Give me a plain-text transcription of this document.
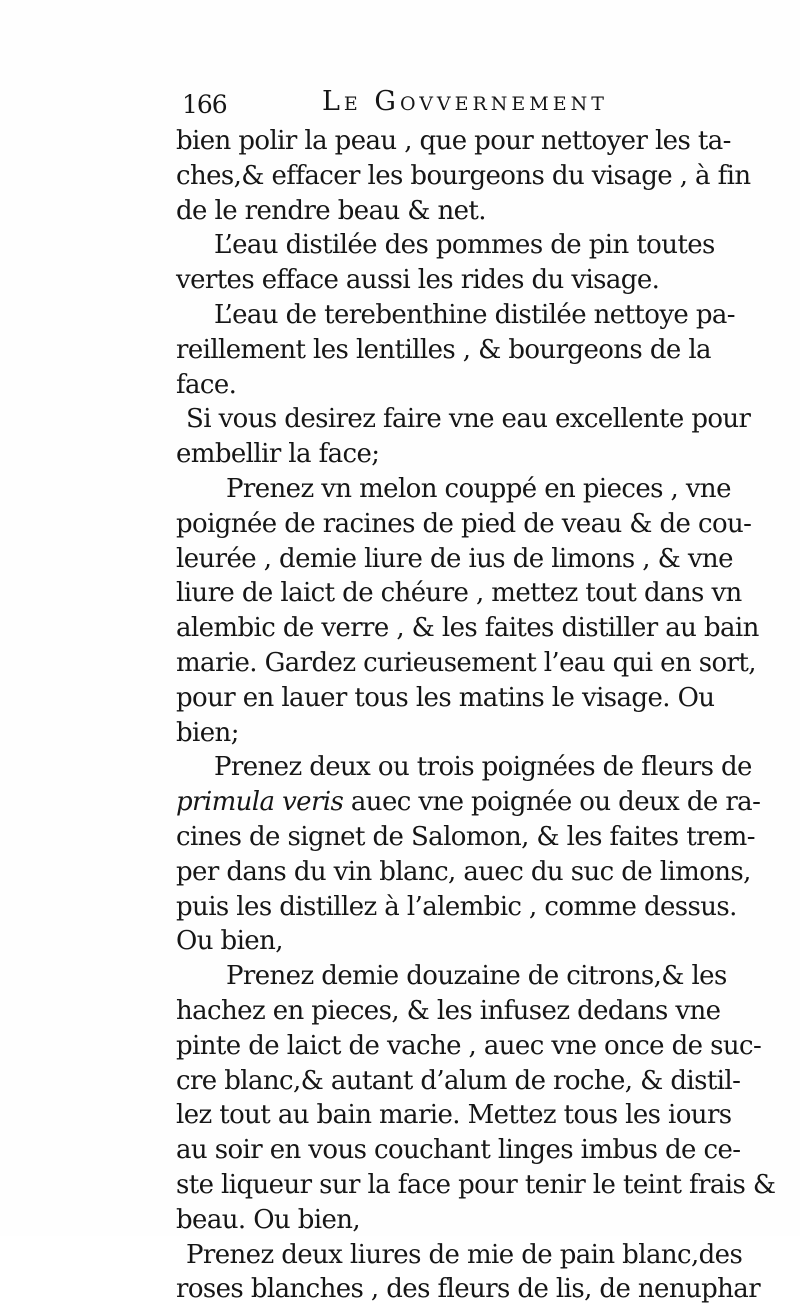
166	Le Govvernement
bien polir la peau , que pour nettoyer les ta-
ches,& effacer les bourgeons du visage , à fin
de le rendre beau & net.
L’eau distilée des pommes de pin toutes
vertes efface aussi les rides du visage.
L’eau de terebenthine distilée nettoye pa-
reillement les lentilles , & bourgeons de la
face.
Si vous desirez faire vne eau excellente pour
embellir la face;
Prenez vn melon couppé en pieces , vne
poignée de racines de pied de veau & de cou-
leurée , demie liure de ius de limons , & vne
liure de laict de chéure , mettez tout dans vn
alembic de verre , & les faites distiller au bain
marie. Gardez curieusement l’eau qui en sort,
pour en lauer tous les matins le visage. Ou
bien;
Prenez deux ou trois poignées de fleurs de
primula veris auec vne poignée ou deux de ra-
cines de signet de Salomon, & les faites trem-
per dans du vin blanc, auec du suc de limons,
puis les distillez à l’alembic , comme dessus.
Ou bien,
Prenez demie douzaine de citrons,& les
hachez en pieces, & les infusez dedans vne
pinte de laict de vache , auec vne once de suc-
cre blanc,& autant d’alum de roche, & distil-
lez tout au bain marie. Mettez tous les iours
au soir en vous couchant linges imbus de ce-
ste liqueur sur la face pour tenir le teint frais &
beau. Ou bien,
Prenez deux liures de mie de pain blanc,des
roses blanches , des fleurs de lis, de nenuphar
